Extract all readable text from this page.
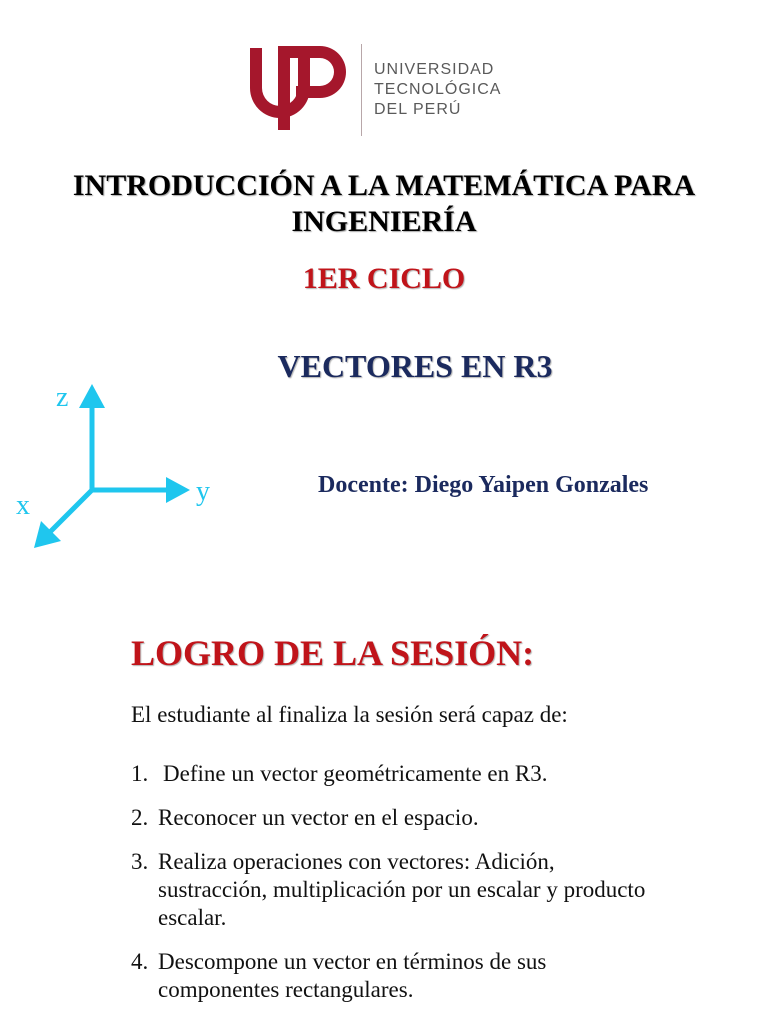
UNIVERSIDAD
TECNOLÓGICA
DEL PERÚ
INTRODUCCIÓN A LA MATEMÁTICA PARA
INGENIERÍA
1ER CICLO
VECTORES EN R3
z
y
x
Docente: Diego Yaipen Gonzales
LOGRO DE LA SESIÓN:
El estudiante al finaliza la sesión será capaz de:
1. Define un vector geométricamente en R3.
2. Reconocer un vector en el espacio.
3. Realiza operaciones con vectores: Adición, sustracción, multiplicación por un escalar y producto escalar.
4. Descompone un vector en términos de sus componentes rectangulares.
